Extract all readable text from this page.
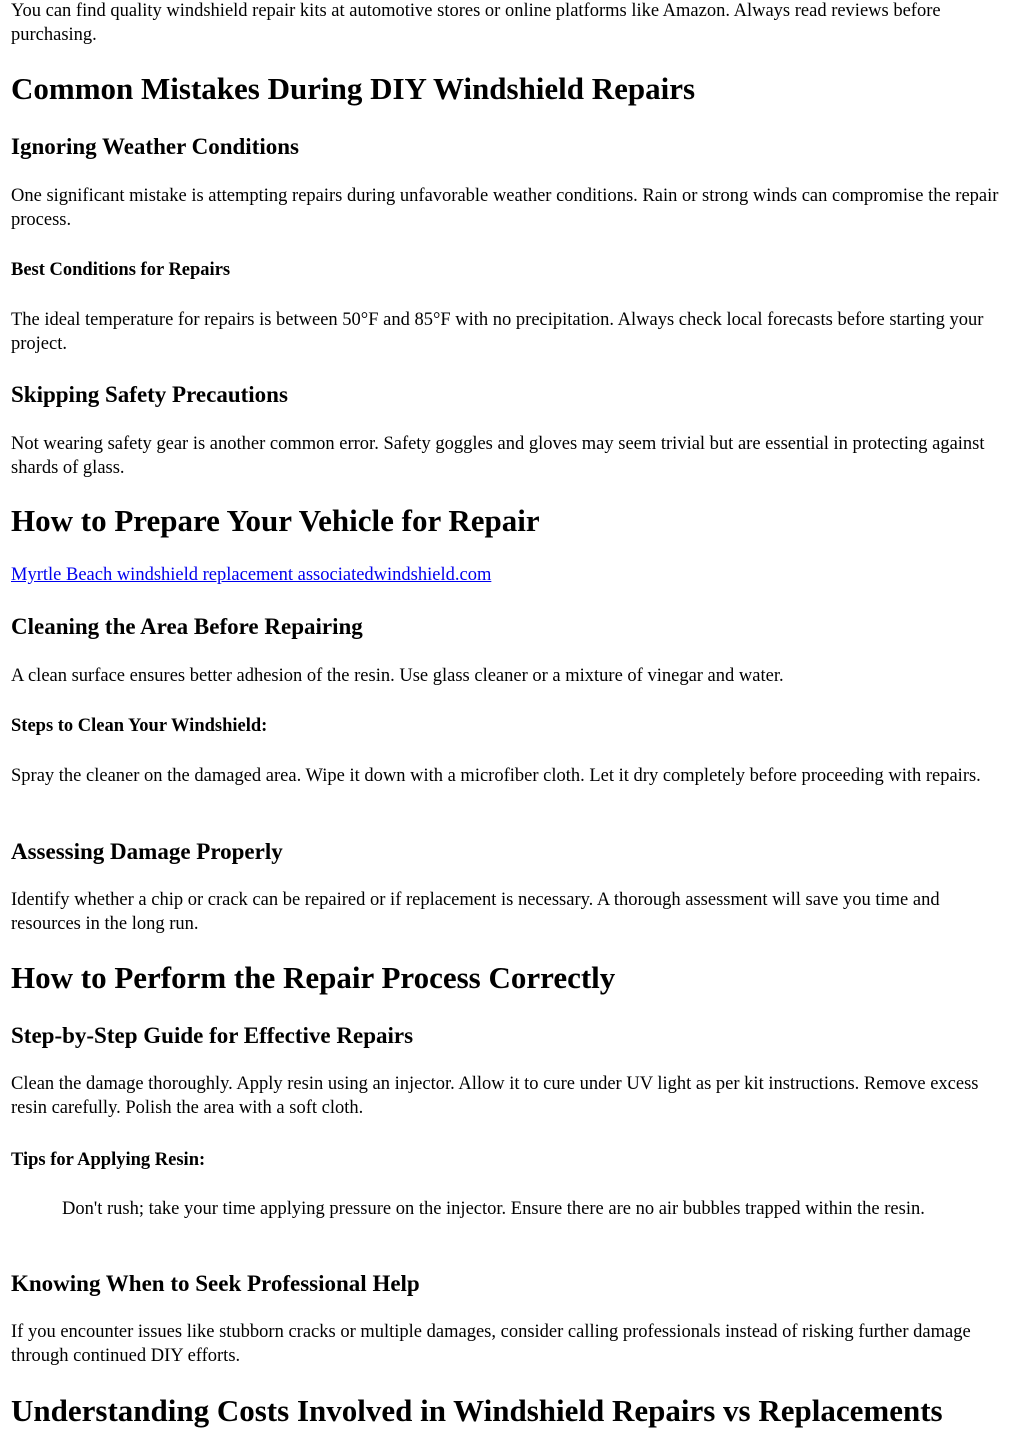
You can find quality windshield repair kits at automotive stores or online platforms like Amazon. Always read reviews before purchasing.

Common Mistakes During DIY Windshield Repairs
Ignoring Weather Conditions

One significant mistake is attempting repairs during unfavorable weather conditions. Rain or strong winds can compromise the repair process.

Best Conditions for Repairs

The ideal temperature for repairs is between 50°F and 85°F with no precipitation. Always check local forecasts before starting your project.

Skipping Safety Precautions

Not wearing safety gear is another common error. Safety goggles and gloves may seem trivial but are essential in protecting against shards of glass.

How to Prepare Your Vehicle for Repair
Myrtle Beach windshield replacement associatedwindshield.com
Cleaning the Area Before Repairing

A clean surface ensures better adhesion of the resin. Use glass cleaner or a mixture of vinegar and water.

Steps to Clean Your Windshield:

Spray the cleaner on the damaged area. Wipe it down with a microfiber cloth. Let it dry completely before proceeding with repairs.

Assessing Damage Properly

Identify whether a chip or crack can be repaired or if replacement is necessary. A thorough assessment will save you time and resources in the long run.

How to Perform the Repair Process Correctly
Step-by-Step Guide for Effective Repairs

Clean the damage thoroughly. Apply resin using an injector. Allow it to cure under UV light as per kit instructions. Remove excess resin carefully. Polish the area with a soft cloth.

Tips for Applying Resin:
Don't rush; take your time applying pressure on the injector. Ensure there are no air bubbles trapped within the resin.
Knowing When to Seek Professional Help

If you encounter issues like stubborn cracks or multiple damages, consider calling professionals instead of risking further damage through continued DIY efforts.

Understanding Costs Involved in Windshield Repairs vs Replacements
